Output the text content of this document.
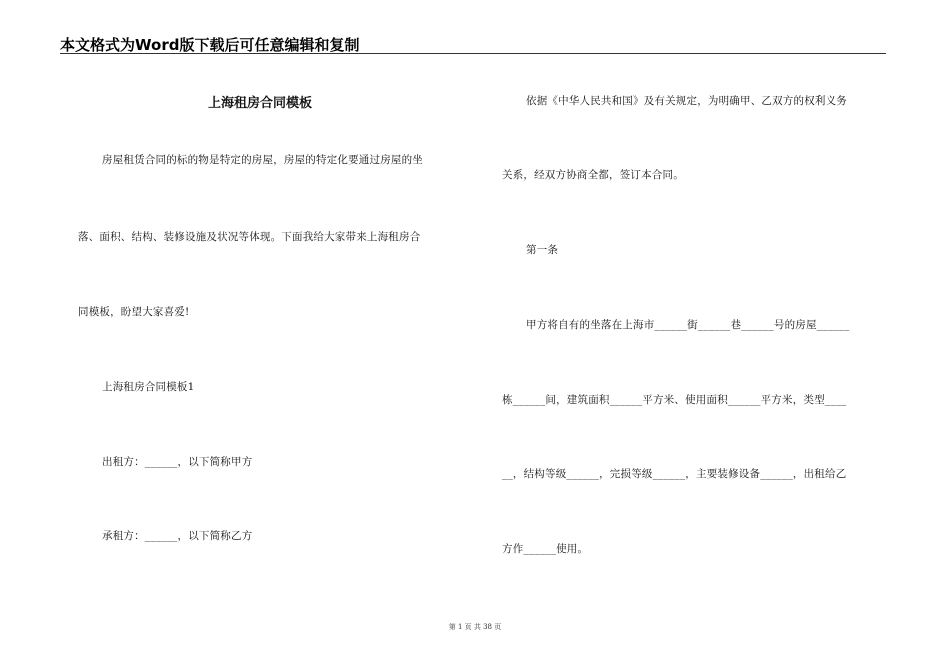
本文格式为Word版下载后可任意编辑和复制
上海租房合同模板
房屋租赁合同的标的物是特定的房屋，房屋的特定化要通过房屋的坐
落、面积、结构、装修设施及状况等体现。下面我给大家带来上海租房合
同模板，盼望大家喜爱!
上海租房合同模板1
出租方：______，以下简称甲方
承租方：______，以下简称乙方
依据《中华人民共和国》及有关规定，为明确甲、乙双方的权利义务
关系，经双方协商全都，签订本合同。
第一条
甲方将自有的坐落在上海市______街______巷______号的房屋______
栋______间，建筑面积______平方米、使用面积______平方米，类型____
__，结构等级______，完损等级______，主要装修设备______，出租给乙
方作______使用。
第 1 页 共 38 页
